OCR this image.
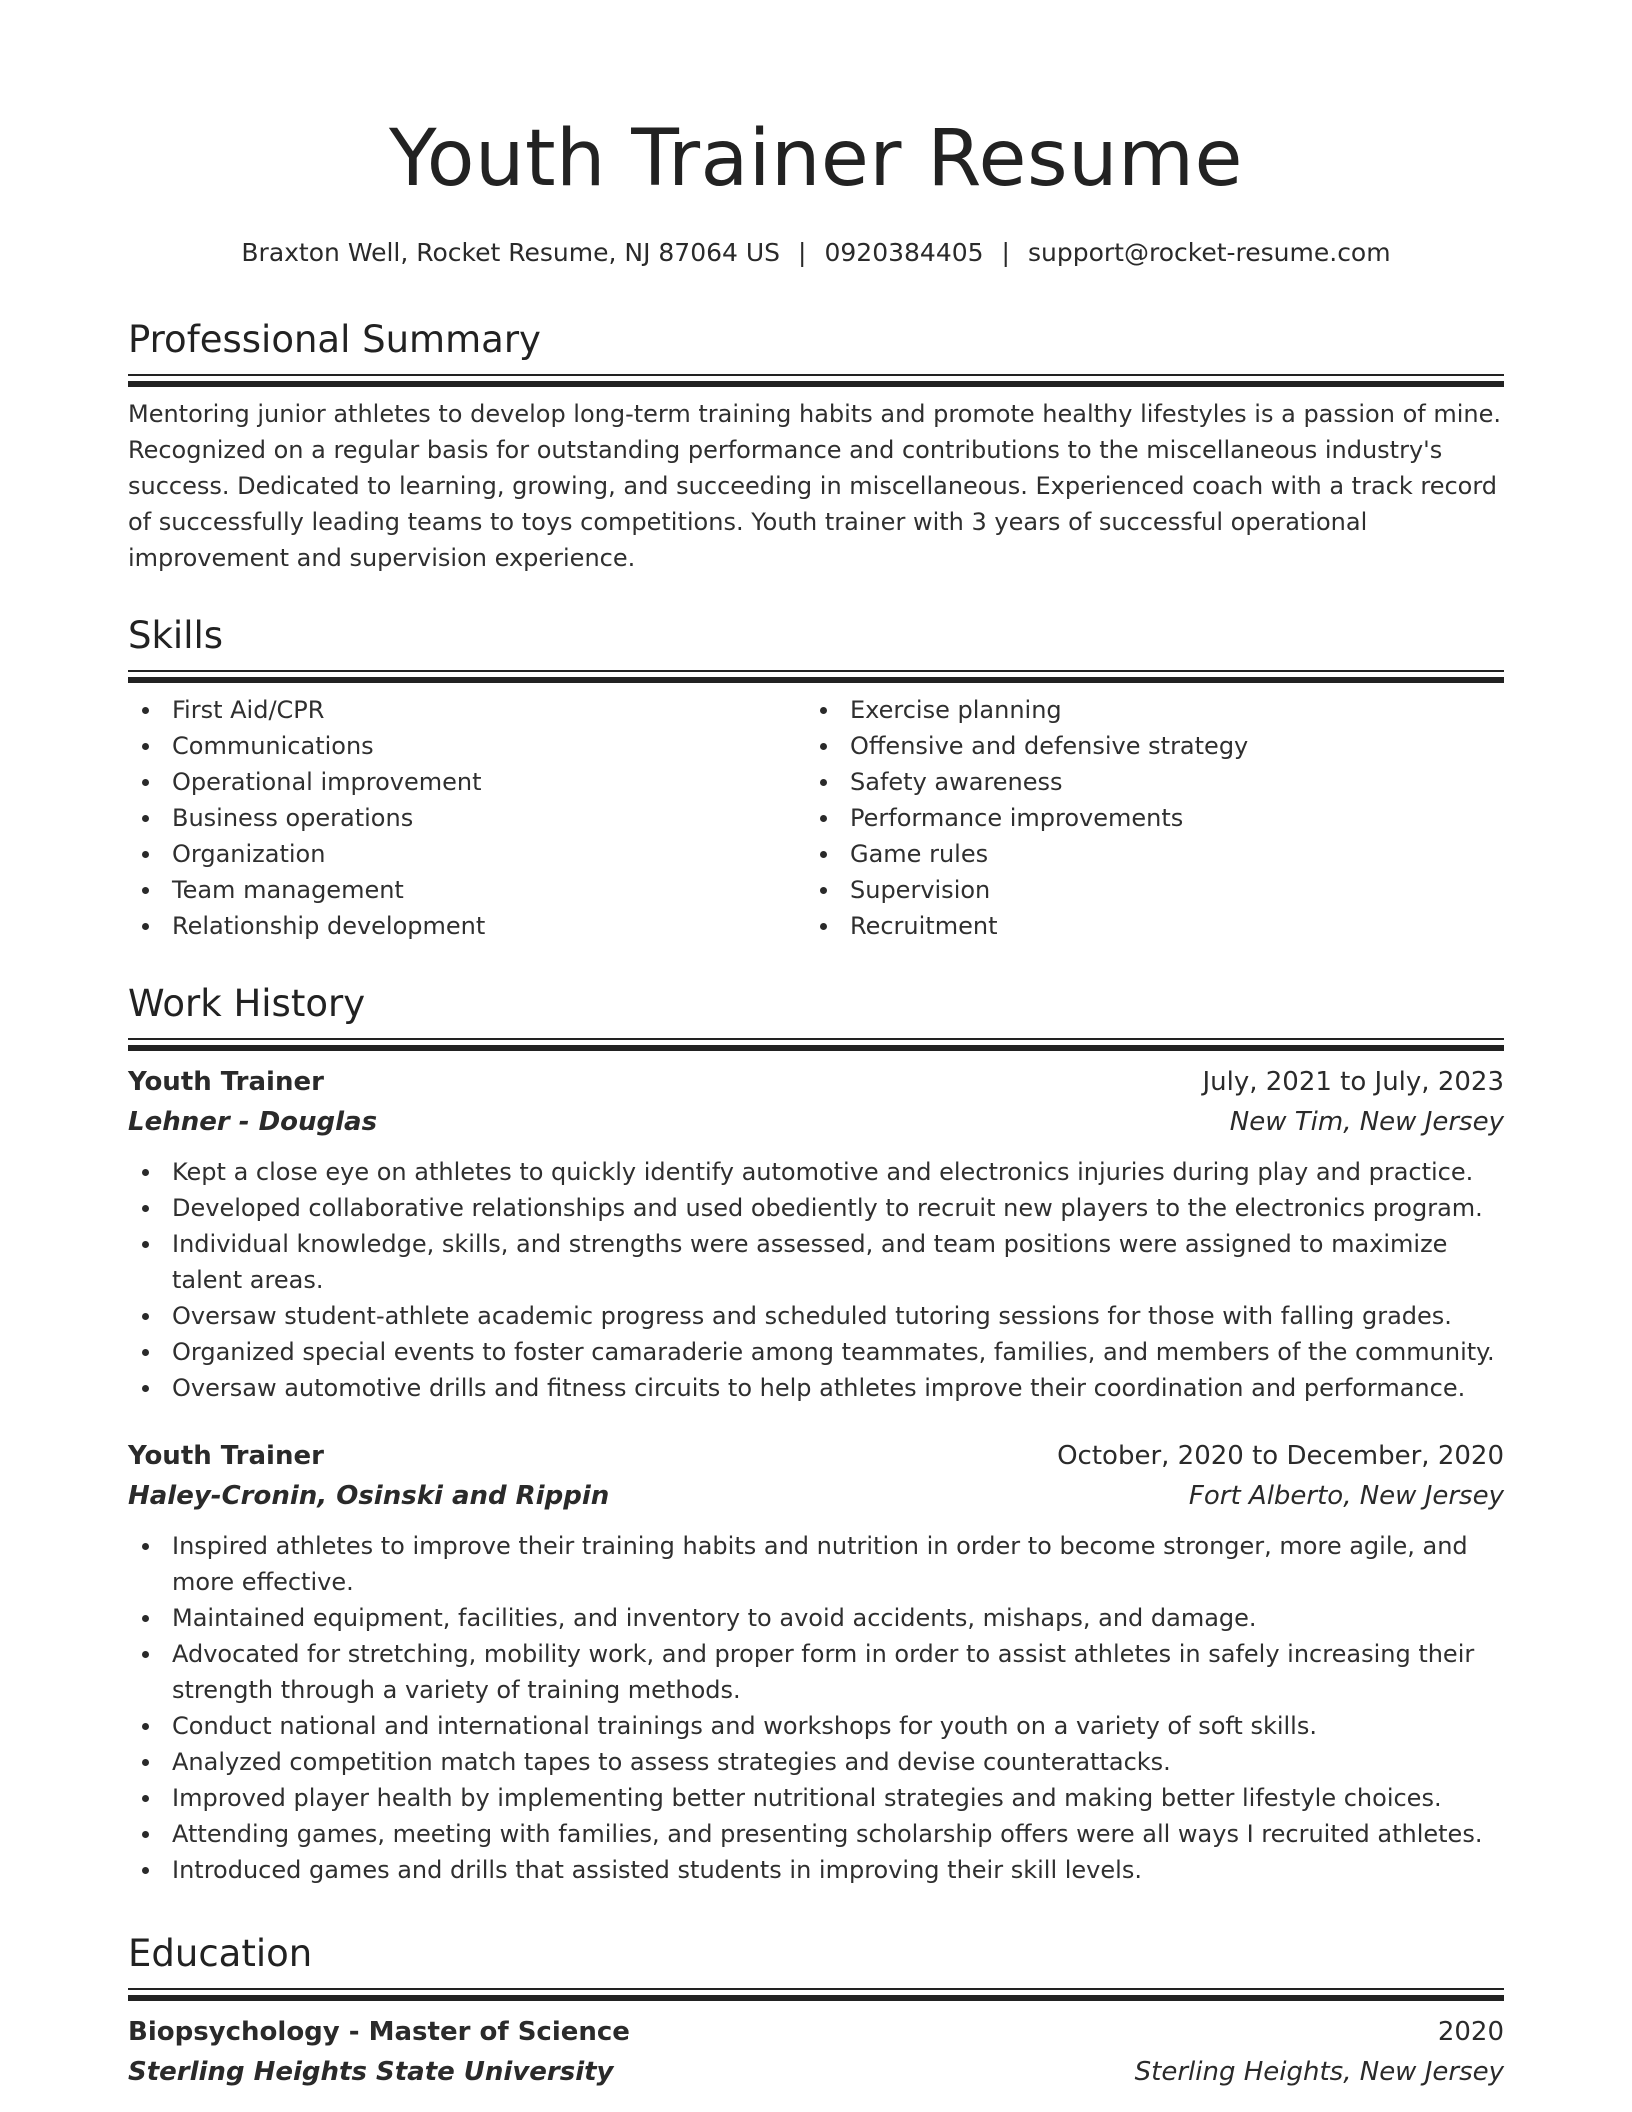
Youth Trainer Resume
Braxton Well, Rocket Resume, NJ 87064 US | 0920384405 | support@rocket-resume.com
Professional Summary

Mentoring junior athletes to develop long-term training habits and promote healthy lifestyles is a passion of mine. Recognized on a regular basis for outstanding performance and contributions to the miscellaneous industry's success. Dedicated to learning, growing, and succeeding in miscellaneous. Experienced coach with a track record of successfully leading teams to toys competitions. Youth trainer with 3 years of successful operational improvement and supervision experience.

Skills
First Aid/CPR
Communications
Operational improvement
Business operations
Organization
Team management
Relationship development
Exercise planning
Offensive and defensive strategy
Safety awareness
Performance improvements
Game rules
Supervision
Recruitment
Work History
Youth Trainer	July, 2021 to July, 2023
Lehner - Douglas	New Tim, New Jersey
Kept a close eye on athletes to quickly identify automotive and electronics injuries during play and practice.
Developed collaborative relationships and used obediently to recruit new players to the electronics program.
Individual knowledge, skills, and strengths were assessed, and team positions were assigned to maximize talent areas.
Oversaw student-athlete academic progress and scheduled tutoring sessions for those with falling grades.
Organized special events to foster camaraderie among teammates, families, and members of the community.
Oversaw automotive drills and fitness circuits to help athletes improve their coordination and performance.
Youth Trainer	October, 2020 to December, 2020
Haley-Cronin, Osinski and Rippin	Fort Alberto, New Jersey
Inspired athletes to improve their training habits and nutrition in order to become stronger, more agile, and more effective.
Maintained equipment, facilities, and inventory to avoid accidents, mishaps, and damage.
Advocated for stretching, mobility work, and proper form in order to assist athletes in safely increasing their strength through a variety of training methods.
Conduct national and international trainings and workshops for youth on a variety of soft skills.
Analyzed competition match tapes to assess strategies and devise counterattacks.
Improved player health by implementing better nutritional strategies and making better lifestyle choices.
Attending games, meeting with families, and presenting scholarship offers were all ways I recruited athletes.
Introduced games and drills that assisted students in improving their skill levels.
Education
Biopsychology - Master of Science	2020
Sterling Heights State University	Sterling Heights, New Jersey
